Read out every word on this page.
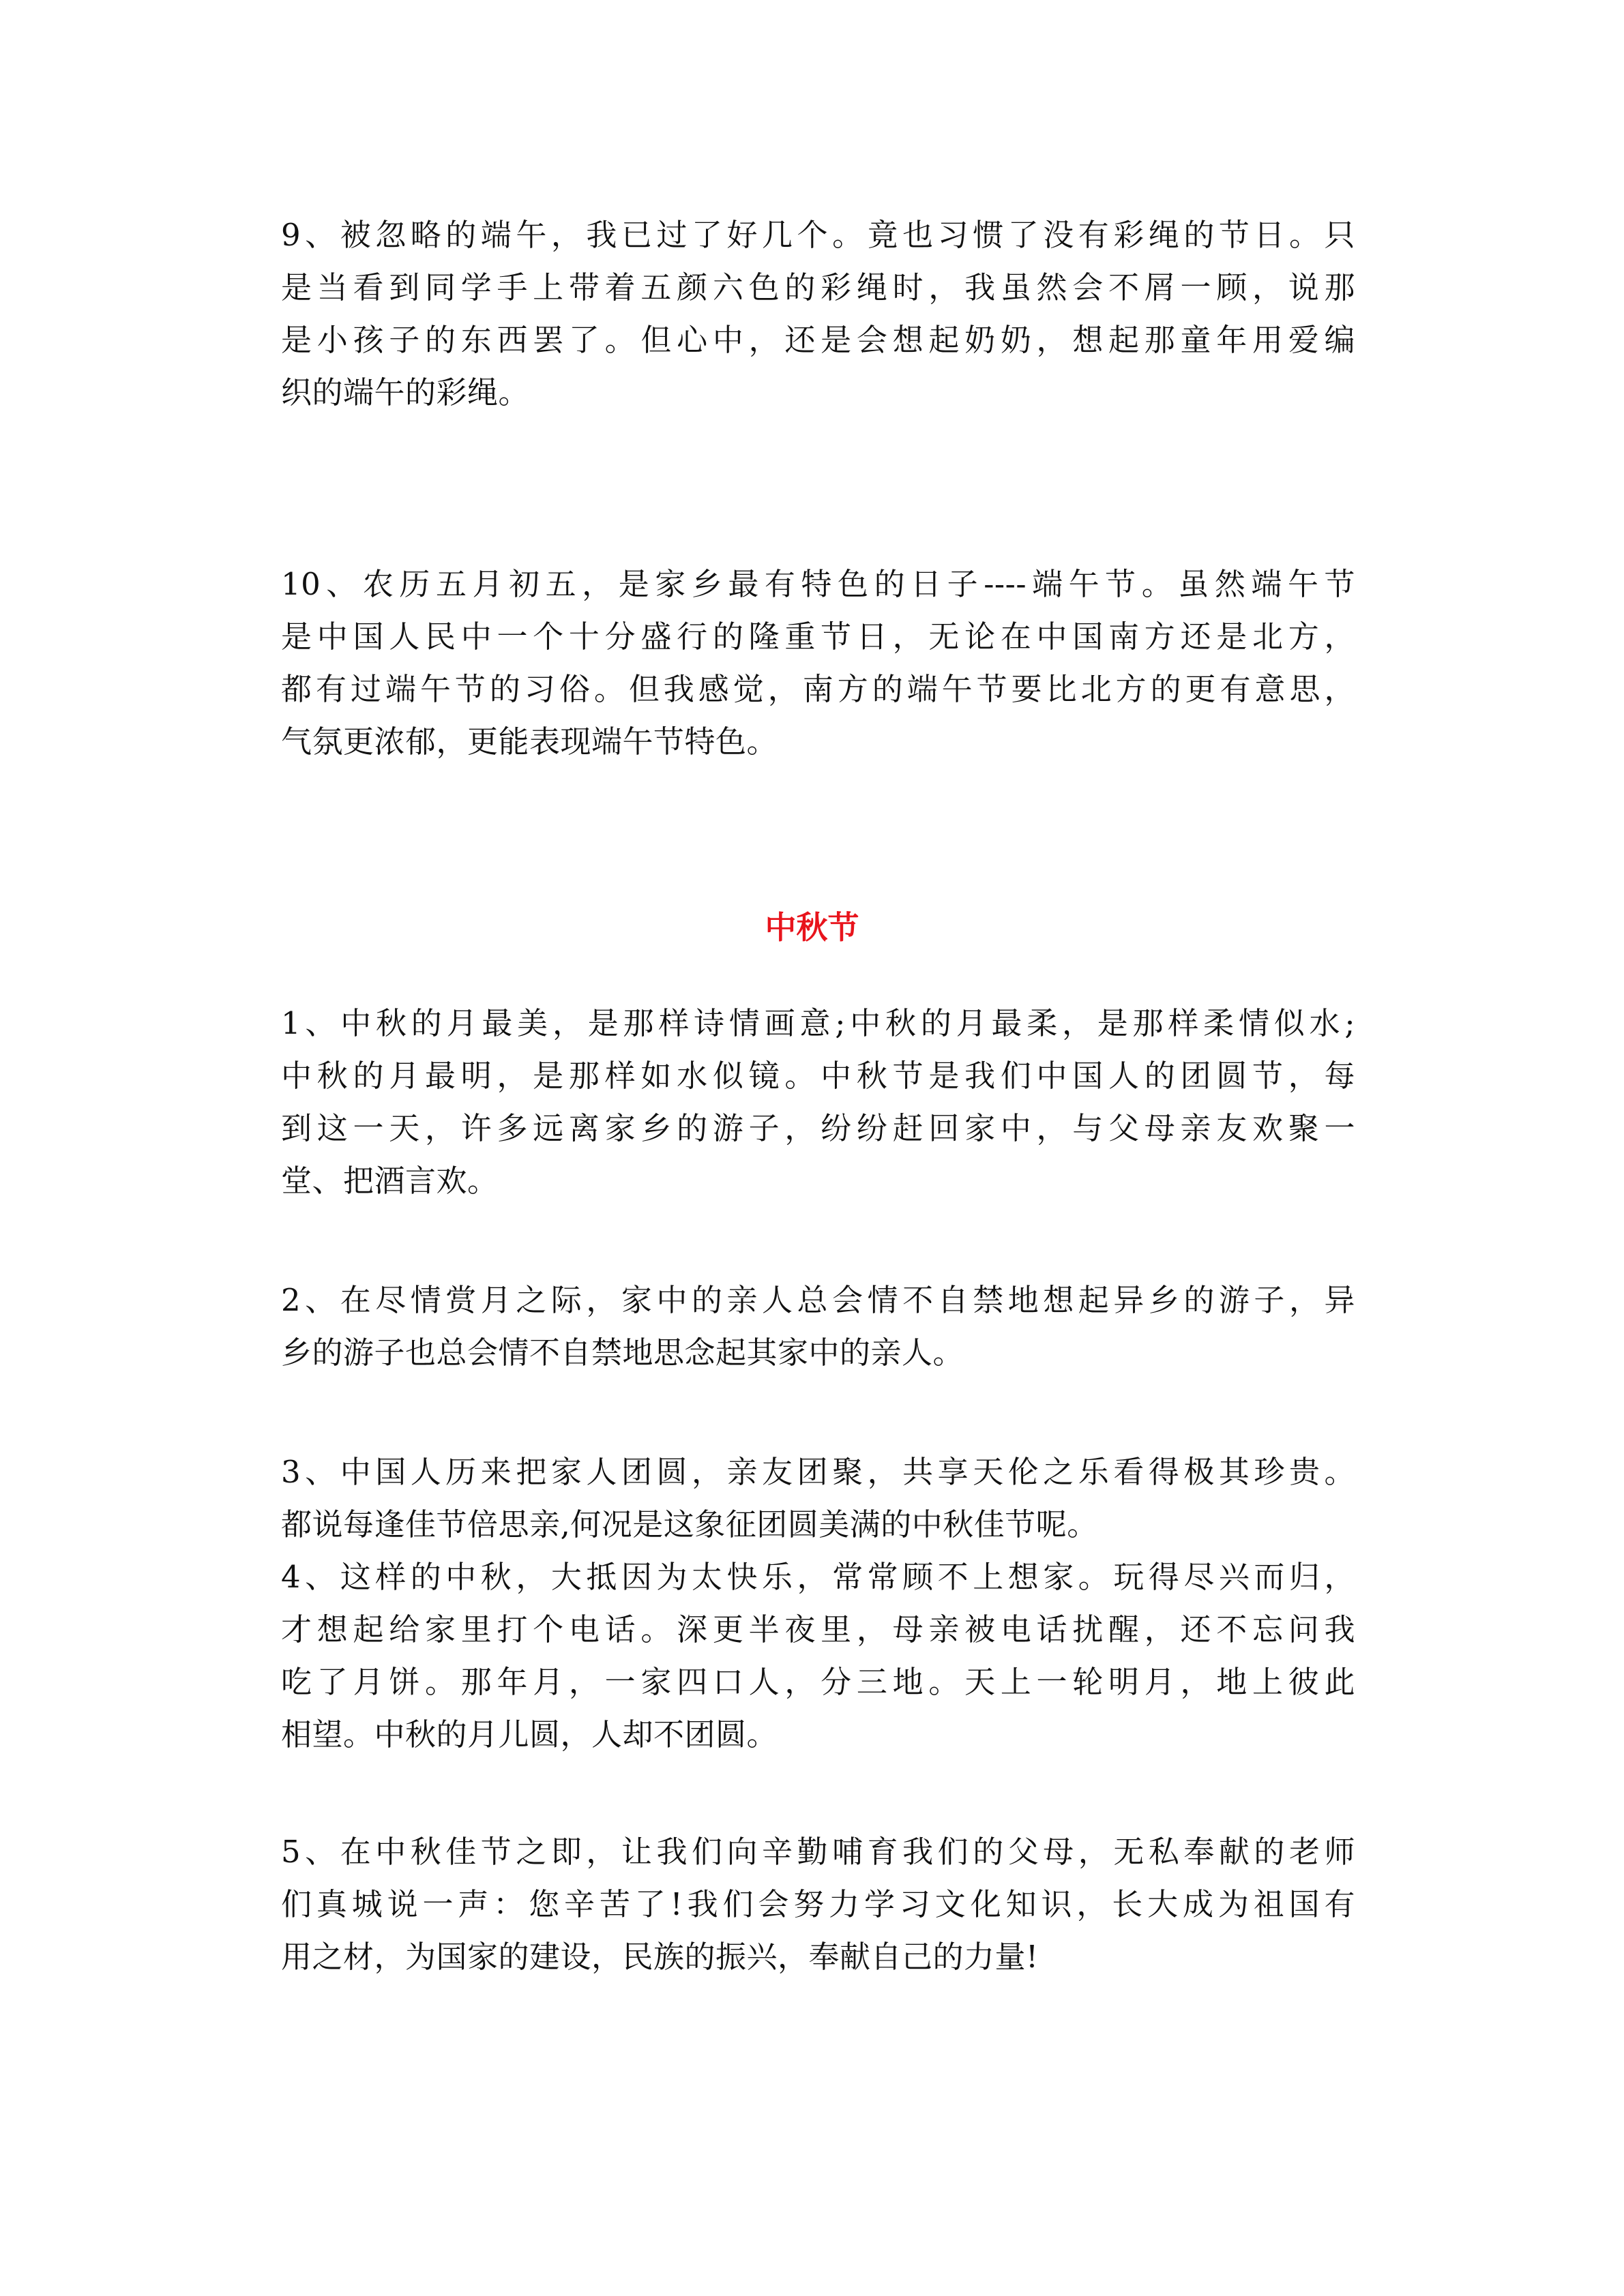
9、被忽略的端午，我已过了好几个。竟也习惯了没有彩绳的节日。只
是当看到同学手上带着五颜六色的彩绳时，我虽然会不屑一顾，说那
是小孩子的东西罢了。但心中，还是会想起奶奶，想起那童年用爱编
织的端午的彩绳。
10、农历五月初五，是家乡最有特色的日子----端午节。虽然端午节
是中国人民中一个十分盛行的隆重节日，无论在中国南方还是北方，
都有过端午节的习俗。但我感觉，南方的端午节要比北方的更有意思，
气氛更浓郁，更能表现端午节特色。
中秋节
1、中秋的月最美，是那样诗情画意;中秋的月最柔，是那样柔情似水;
中秋的月最明，是那样如水似镜。中秋节是我们中国人的团圆节，每
到这一天，许多远离家乡的游子，纷纷赶回家中，与父母亲友欢聚一
堂、把酒言欢。
2、在尽情赏月之际，家中的亲人总会情不自禁地想起异乡的游子，异
乡的游子也总会情不自禁地思念起其家中的亲人。
3、中国人历来把家人团圆，亲友团聚，共享天伦之乐看得极其珍贵。
都说每逢佳节倍思亲,何况是这象征团圆美满的中秋佳节呢。
4、这样的中秋，大抵因为太快乐，常常顾不上想家。玩得尽兴而归，
才想起给家里打个电话。深更半夜里，母亲被电话扰醒，还不忘问我
吃了月饼。那年月，一家四口人，分三地。天上一轮明月，地上彼此
相望。中秋的月儿圆，人却不团圆。
5、在中秋佳节之即，让我们向辛勤哺育我们的父母，无私奉献的老师
们真城说一声：您辛苦了!我们会努力学习文化知识，长大成为祖国有
用之材，为国家的建设，民族的振兴，奉献自己的力量!
